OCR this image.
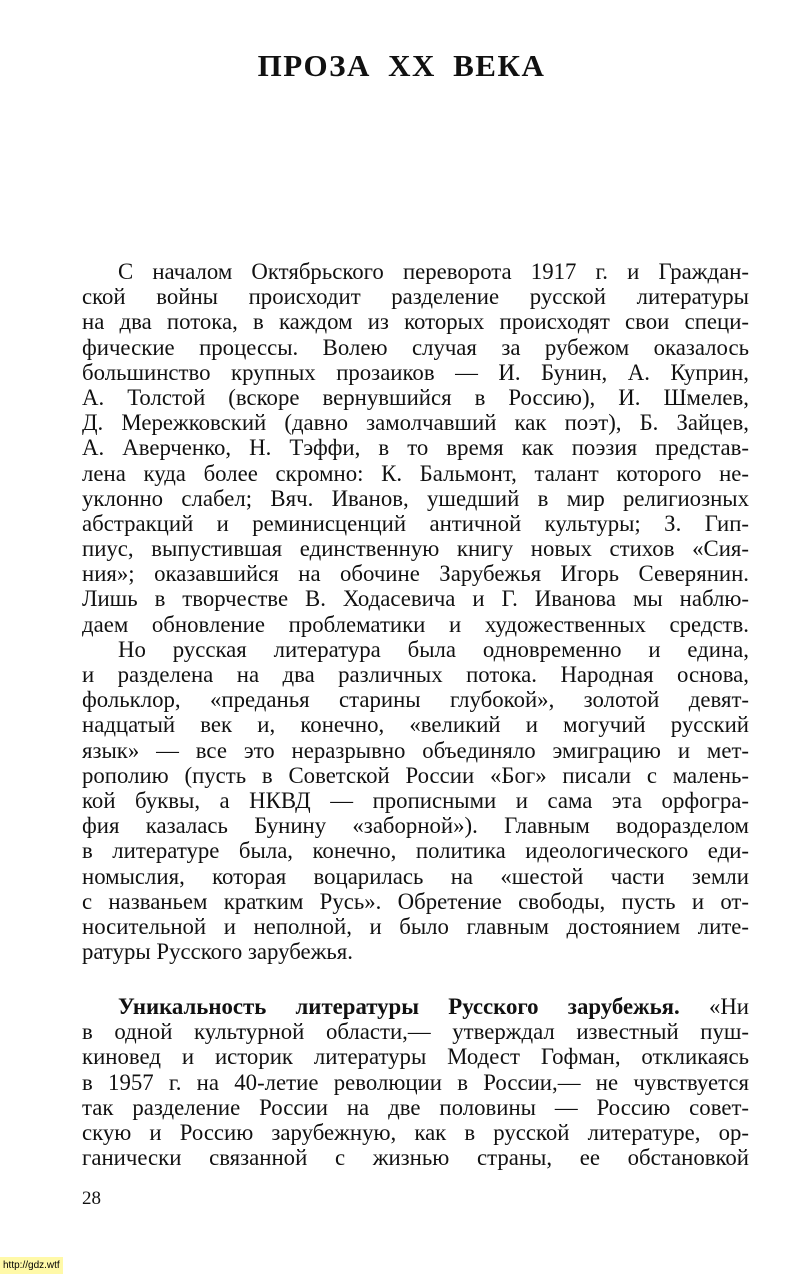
ПРОЗА XX ВЕКА
С началом Октябрьского переворота 1917 г. и Граждан-
ской войны происходит разделение русской литературы
на два потока, в каждом из которых происходят свои специ-
фические процессы. Волею случая за рубежом оказалось
большинство крупных прозаиков — И. Бунин, А. Куприн,
А. Толстой (вскоре вернувшийся в Россию), И. Шмелев,
Д. Мережковский (давно замолчавший как поэт), Б. Зайцев,
А. Аверченко, Н. Тэффи, в то время как поэзия представ-
лена куда более скромно: К. Бальмонт, талант которого не-
уклонно слабел; Вяч. Иванов, ушедший в мир религиозных
абстракций и реминисценций античной культуры; З. Гип-
пиус, выпустившая единственную книгу новых стихов «Сия-
ния»; оказавшийся на обочине Зарубежья Игорь Северянин.
Лишь в творчестве В. Ходасевича и Г. Иванова мы наблю-
даем обновление проблематики и художественных средств.
Но русская литература была одновременно и едина,
и разделена на два различных потока. Народная основа,
фольклор, «преданья старины глубокой», золотой девят-
надцатый век и, конечно, «великий и могучий русский
язык» — все это неразрывно объединяло эмиграцию и мет-
рополию (пусть в Советской России «Бог» писали с малень-
кой буквы, а НКВД — прописными и сама эта орфогра-
фия казалась Бунину «заборной»). Главным водоразделом
в литературе была, конечно, политика идеологического еди-
номыслия, которая воцарилась на «шестой части земли
с названьем кратким Русь». Обретение свободы, пусть и от-
носительной и неполной, и было главным достоянием лите-
ратуры Русского зарубежья.
Уникальность литературы Русского зарубежья. «Ни
в одной культурной области,— утверждал известный пуш-
киновед и историк литературы Модест Гофман, откликаясь
в 1957 г. на 40-летие революции в России,— не чувствуется
так разделение России на две половины — Россию совет-
скую и Россию зарубежную, как в русской литературе, ор-
ганически связанной с жизнью страны, ее обстановкой
28
http://gdz.wtf
